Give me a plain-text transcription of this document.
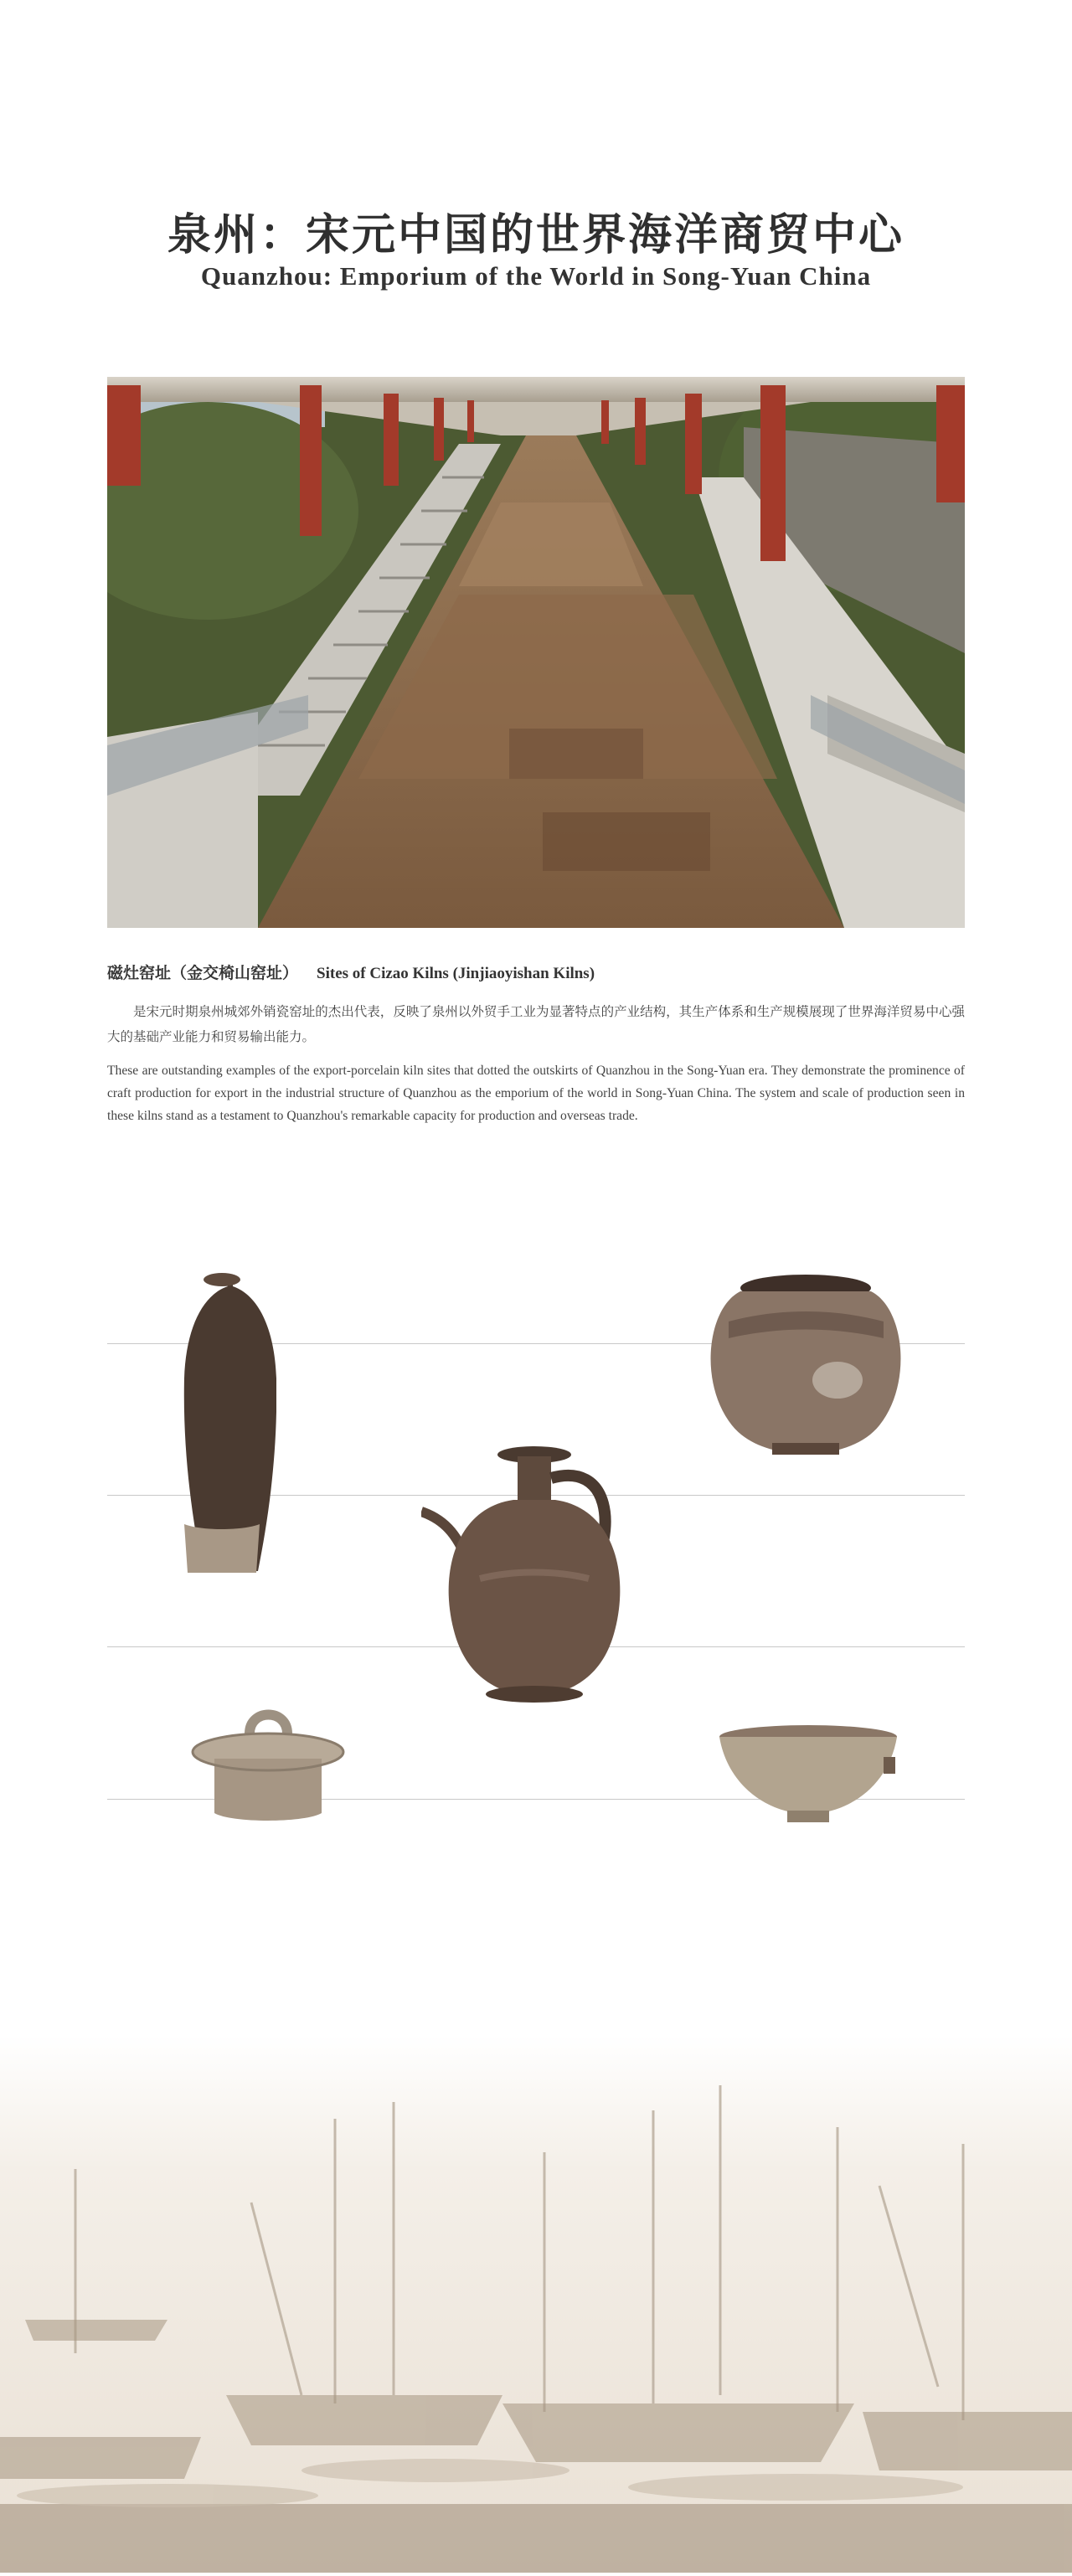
泉州：宋元中国的世界海洋商贸中心
Quanzhou: Emporium of the World in Song-Yuan China
磁灶窑址（金交椅山窑址） Sites of Cizao Kilns (Jinjiaoyishan Kilns)
是宋元时期泉州城郊外销瓷窑址的杰出代表，反映了泉州以外贸手工业为显著特点的产业结构，其生产体系和生产规模展现了世界海洋贸易中心强大的基础产业能力和贸易输出能力。
These are outstanding examples of the export-porcelain kiln sites that dotted the outskirts of Quanzhou in the Song-Yuan era. They demonstrate the prominence of craft production for export in the industrial structure of Quanzhou as the emporium of the world in Song-Yuan China. The system and scale of production seen in these kilns stand as a testament to Quanzhou's remarkable capacity for production and overseas trade.
